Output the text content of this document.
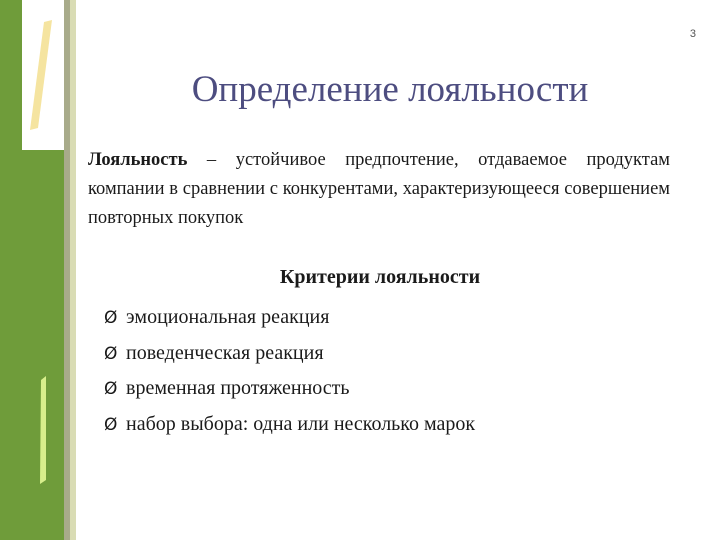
3
Определение лояльности

Лояльность – устойчивое предпочтение, отдаваемое продуктам компании в сравнении с конкурентами, характеризующееся совершением повторных покупок

Критерии лояльности
Ø эмоциональная реакция
Ø поведенческая реакция
Ø временная протяженность
Ø набор выбора: одна или несколько марок
